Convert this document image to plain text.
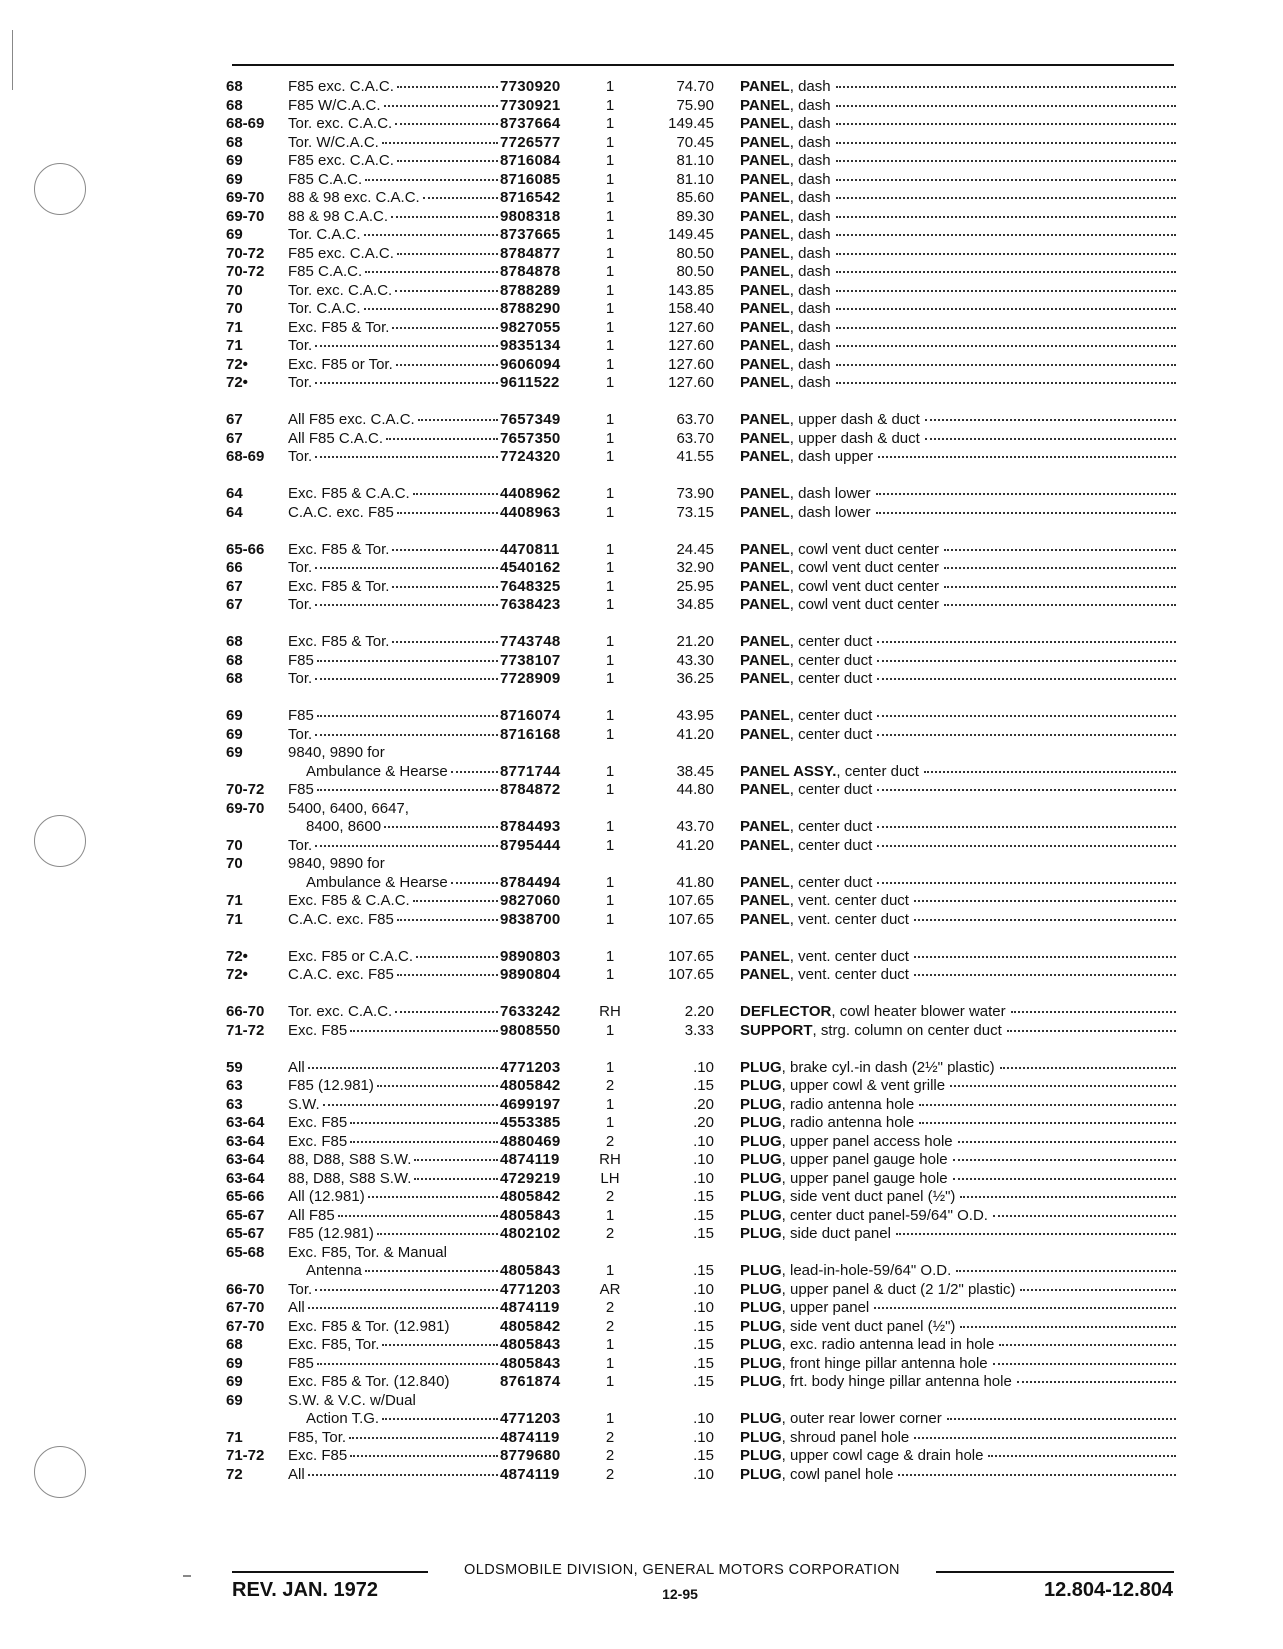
68	F85 exc. C.A.C.	7730920	1	74.70 PANEL , dash
68	F85 W/C.A.C.	7730921	1	75.90 PANEL , dash
68-69	Tor. exc. C.A.C.	8737664	1	149.45 PANEL , dash
68	Tor. W/C.A.C.	7726577	1	70.45 PANEL , dash
69	F85 exc. C.A.C.	8716084	1	81.10 PANEL , dash
69	F85 C.A.C.	8716085	1	81.10 PANEL , dash
69-70	88 & 98 exc. C.A.C.	8716542	1	85.60 PANEL , dash
69-70	88 & 98 C.A.C.	9808318	1	89.30 PANEL , dash
69	Tor. C.A.C.	8737665	1	149.45 PANEL , dash
70-72	F85 exc. C.A.C.	8784877	1	80.50 PANEL , dash
70-72	F85 C.A.C.	8784878	1	80.50 PANEL , dash
70	Tor. exc. C.A.C.	8788289	1	143.85 PANEL , dash
70	Tor. C.A.C.	8788290	1	158.40 PANEL , dash
71	Exc. F85 & Tor.	9827055	1	127.60 PANEL , dash
71	Tor.	9835134	1	127.60 PANEL , dash
72•	Exc. F85 or Tor.	9606094	1	127.60 PANEL , dash
72•	Tor.	9611522	1	127.60 PANEL , dash
67	All F85 exc. C.A.C.	7657349	1	63.70 PANEL , upper dash & duct
67	All F85 C.A.C.	7657350	1	63.70 PANEL , upper dash & duct
68-69	Tor.	7724320	1	41.55 PANEL , dash upper
64	Exc. F85 & C.A.C.	4408962	1	73.90 PANEL , dash lower
64	C.A.C. exc. F85	4408963	1	73.15 PANEL , dash lower
65-66	Exc. F85 & Tor.	4470811	1	24.45 PANEL , cowl vent duct center
66	Tor.	4540162	1	32.90 PANEL , cowl vent duct center
67	Exc. F85 & Tor.	7648325	1	25.95 PANEL , cowl vent duct center
67	Tor.	7638423	1	34.85 PANEL , cowl vent duct center
68	Exc. F85 & Tor.	7743748	1	21.20 PANEL , center duct
68	F85	7738107	1	43.30 PANEL , center duct
68	Tor.	7728909	1	36.25 PANEL , center duct
69	F85	8716074	1	43.95 PANEL , center duct
69	Tor.	8716168	1	41.20 PANEL , center duct
69	9840, 9890 for
Ambulance & Hearse	8771744	1	38.45 PANEL ASSY. , center duct
70-72	F85	8784872	1	44.80 PANEL , center duct
69-70	5400, 6400, 6647,
8400, 8600	8784493	1	43.70 PANEL , center duct
70	Tor.	8795444	1	41.20 PANEL , center duct
70	9840, 9890 for
Ambulance & Hearse	8784494	1	41.80 PANEL , center duct
71	Exc. F85 & C.A.C.	9827060	1	107.65 PANEL , vent. center duct
71	C.A.C. exc. F85	9838700	1	107.65 PANEL , vent. center duct
72•	Exc. F85 or C.A.C.	9890803	1	107.65 PANEL , vent. center duct
72•	C.A.C. exc. F85	9890804	1	107.65 PANEL , vent. center duct
66-70	Tor. exc. C.A.C.	7633242	RH	2.20 DEFLECTOR , cowl heater blower water
71-72	Exc. F85	9808550	1	3.33 SUPPORT , strg. column on center duct
59	All	4771203	1	.10 PLUG , brake cyl.-in dash (2½" plastic)
63	F85 (12.981)	4805842	2	.15 PLUG , upper cowl & vent grille
63	S.W.	4699197	1	.20 PLUG , radio antenna hole
63-64	Exc. F85	4553385	1	.20 PLUG , radio antenna hole
63-64	Exc. F85	4880469	2	.10 PLUG , upper panel access hole
63-64	88, D88, S88 S.W.	4874119	RH	.10 PLUG , upper panel gauge hole
63-64	88, D88, S88 S.W.	4729219	LH	.10 PLUG , upper panel gauge hole
65-66	All (12.981)	4805842	2	.15 PLUG , side vent duct panel (½")
65-67	All F85	4805843	1	.15 PLUG , center duct panel-59/64" O.D.
65-67	F85 (12.981)	4802102	2	.15 PLUG , side duct panel
65-68	Exc. F85, Tor. & Manual
Antenna	4805843	1	.15 PLUG , lead-in-hole-59/64" O.D.
66-70	Tor.	4771203	AR	.10 PLUG , upper panel & duct (2 1/2" plastic)
67-70	All	4874119	2	.10 PLUG , upper panel
67-70	Exc. F85 & Tor. (12.981)	4805842	2	.15 PLUG , side vent duct panel (½")
68	Exc. F85, Tor.	4805843	1	.15 PLUG , exc. radio antenna lead in hole
69	F85	4805843	1	.15 PLUG , front hinge pillar antenna hole
69	Exc. F85 & Tor. (12.840)	8761874	1	.15 PLUG , frt. body hinge pillar antenna hole
69	S.W. & V.C. w/Dual
Action T.G.	4771203	1	.10 PLUG , outer rear lower corner
71	F85, Tor.	4874119	2	.10 PLUG , shroud panel hole
71-72	Exc. F85	8779680	2	.15 PLUG , upper cowl cage & drain hole
72	All	4874119	2	.10 PLUG , cowl panel hole
OLDSMOBILE DIVISION, GENERAL MOTORS CORPORATION
REV. JAN. 1972	12-95	12.804-12.804
